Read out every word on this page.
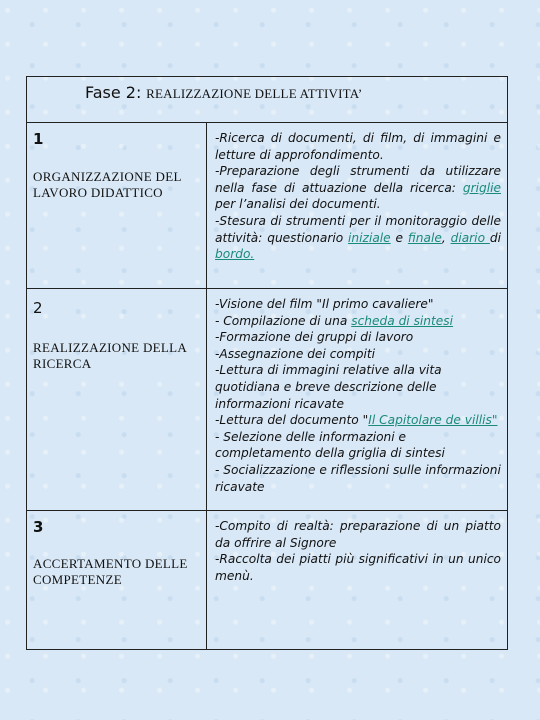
Fase 2: REALIZZAZIONE DELLE ATTIVITA’
1
ORGANIZZAZIONE DEL LAVORO DIDATTICO

-Ricerca di documenti, di film, di immagini e letture di approfondimento.

-Preparazione degli strumenti da utilizzare nella fase di attuazione della ricerca: griglie per l’analisi dei documenti.

-Stesura di strumenti per il monitoraggio delle attività: questionario iniziale e finale, diario di bordo.

2
REALIZZAZIONE DELLA RICERCA

-Visione del film "Il primo cavaliere"

- Compilazione di una scheda di sintesi

-Formazione dei gruppi di lavoro

-Assegnazione dei compiti

-Lettura di immagini relative alla vita quotidiana e breve descrizione delle informazioni ricavate

-Lettura del documento "Il Capitolare de villis"

- Selezione delle informazioni e completamento della griglia di sintesi

- Socializzazione e riflessioni sulle informazioni ricavate

3
ACCERTAMENTO DELLE COMPETENZE

-Compito di realtà: preparazione di un piatto da offrire al Signore

-Raccolta dei piatti più significativi in un unico menù.
